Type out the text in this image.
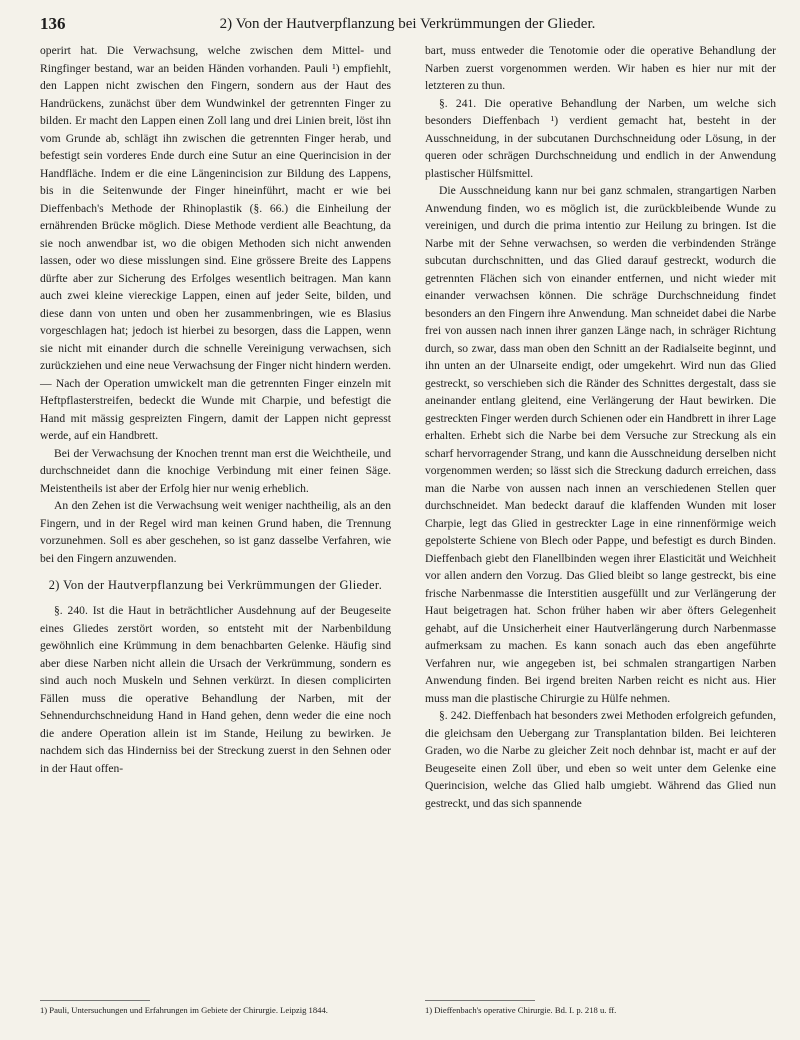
136	2) Von der Hautverpflanzung bei Verkrümmungen der Glieder.

operirt hat. Die Verwachsung, welche zwischen dem Mittel- und Ringfinger bestand, war an beiden Händen vorhanden. Pauli ¹) empfiehlt, den Lappen nicht zwischen den Fingern, sondern aus der Haut des Handrückens, zunächst über dem Wundwinkel der getrennten Finger zu bilden. Er macht den Lappen einen Zoll lang und drei Linien breit, löst ihn vom Grunde ab, schlägt ihn zwischen die getrennten Finger herab, und befestigt sein vorderes Ende durch eine Sutur an eine Querincision in der Handfläche. Indem er die eine Längenincision zur Bildung des Lappens, bis in die Seitenwunde der Finger hineinführt, macht er wie bei Dieffenbach's Methode der Rhinoplastik (§. 66.) die Einheilung der ernährenden Brücke möglich. Diese Methode verdient alle Beachtung, da sie noch anwendbar ist, wo die obigen Methoden sich nicht anwenden lassen, oder wo diese misslungen sind. Eine grössere Breite des Lappens dürfte aber zur Sicherung des Erfolges wesentlich beitragen. Man kann auch zwei kleine viereckige Lappen, einen auf jeder Seite, bilden, und diese dann von unten und oben her zusammenbringen, wie es Blasius vorgeschlagen hat; jedoch ist hierbei zu besorgen, dass die Lappen, wenn sie nicht mit einander durch die schnelle Vereinigung verwachsen, sich zurückziehen und eine neue Verwachsung der Finger nicht hindern werden. — Nach der Operation umwickelt man die getrennten Finger einzeln mit Heftpflasterstreifen, bedeckt die Wunde mit Charpie, und befestigt die Hand mit mässig gespreizten Fingern, damit der Lappen nicht gepresst werde, auf ein Handbrett.

Bei der Verwachsung der Knochen trennt man erst die Weichtheile, und durchschneidet dann die knochige Verbindung mit einer feinen Säge. Meistentheils ist aber der Erfolg hier nur wenig erheblich.

An den Zehen ist die Verwachsung weit weniger nachtheilig, als an den Fingern, und in der Regel wird man keinen Grund haben, die Trennung vorzunehmen. Soll es aber geschehen, so ist ganz dasselbe Verfahren, wie bei den Fingern anzuwenden.

2) Von der Hautverpflanzung bei Verkrümmungen der Glieder.

§. 240. Ist die Haut in beträchtlicher Ausdehnung auf der Beugeseite eines Gliedes zerstört worden, so entsteht mit der Narbenbildung gewöhnlich eine Krümmung in dem benachbarten Gelenke. Häufig sind aber diese Narben nicht allein die Ursach der Verkrümmung, sondern es sind auch noch Muskeln und Sehnen verkürzt. In diesen complicirten Fällen muss die operative Behandlung der Narben, mit der Sehnendurchschneidung Hand in Hand gehen, denn weder die eine noch die andere Operation allein ist im Stande, Heilung zu bewirken. Je nachdem sich das Hinderniss bei der Streckung zuerst in den Sehnen oder in der Haut offen-

bart, muss entweder die Tenotomie oder die operative Behandlung der Narben zuerst vorgenommen werden. Wir haben es hier nur mit der letzteren zu thun.

§. 241. Die operative Behandlung der Narben, um welche sich besonders Dieffenbach ¹) verdient gemacht hat, besteht in der Ausschneidung, in der subcutanen Durchschneidung oder Lösung, in der queren oder schrägen Durchschneidung und endlich in der Anwendung plastischer Hülfsmittel.

Die Ausschneidung kann nur bei ganz schmalen, strangartigen Narben Anwendung finden, wo es möglich ist, die zurückbleibende Wunde zu vereinigen, und durch die prima intentio zur Heilung zu bringen. Ist die Narbe mit der Sehne verwachsen, so werden die verbindenden Stränge subcutan durchschnitten, und das Glied darauf gestreckt, wodurch die getrennten Flächen sich von einander entfernen, und nicht wieder mit einander verwachsen können. Die schräge Durchschneidung findet besonders an den Fingern ihre Anwendung. Man schneidet dabei die Narbe frei von aussen nach innen ihrer ganzen Länge nach, in schräger Richtung durch, so zwar, dass man oben den Schnitt an der Radialseite beginnt, und ihn unten an der Ulnarseite endigt, oder umgekehrt. Wird nun das Glied gestreckt, so verschieben sich die Ränder des Schnittes dergestalt, dass sie aneinander entlang gleitend, eine Verlängerung der Haut bewirken. Die gestreckten Finger werden durch Schienen oder ein Handbrett in ihrer Lage erhalten. Erhebt sich die Narbe bei dem Versuche zur Streckung als ein scharf hervorragender Strang, und kann die Ausschneidung derselben nicht vorgenommen werden; so lässt sich die Streckung dadurch erreichen, dass man die Narbe von aussen nach innen an verschiedenen Stellen quer durchschneidet. Man bedeckt darauf die klaffenden Wunden mit loser Charpie, legt das Glied in gestreckter Lage in eine rinnenförmige weich gepolsterte Schiene von Blech oder Pappe, und befestigt es durch Binden. Dieffenbach giebt den Flanellbinden wegen ihrer Elasticität und Weichheit vor allen andern den Vorzug. Das Glied bleibt so lange gestreckt, bis eine frische Narbenmasse die Interstitien ausgefüllt und zur Verlängerung der Haut beigetragen hat. Schon früher haben wir aber öfters Gelegenheit gehabt, auf die Unsicherheit einer Hautverlängerung durch Narbenmasse aufmerksam zu machen. Es kann sonach auch das eben angeführte Verfahren nur, wie angegeben ist, bei schmalen strangartigen Narben Anwendung finden. Bei irgend breiten Narben reicht es nicht aus. Hier muss man die plastische Chirurgie zu Hülfe nehmen.

§. 242. Dieffenbach hat besonders zwei Methoden erfolgreich gefunden, die gleichsam den Uebergang zur Transplantation bilden. Bei leichteren Graden, wo die Narbe zu gleicher Zeit noch dehnbar ist, macht er auf der Beugeseite einen Zoll über, und eben so weit unter dem Gelenke eine Querincision, welche das Glied halb umgiebt. Während das Glied nun gestreckt, und das sich spannende

1) Pauli, Untersuchungen und Erfahrungen im Gebiete der Chirurgie. Leipzig 1844.	1) Dieffenbach's operative Chirurgie. Bd. I. p. 218 u. ff.
